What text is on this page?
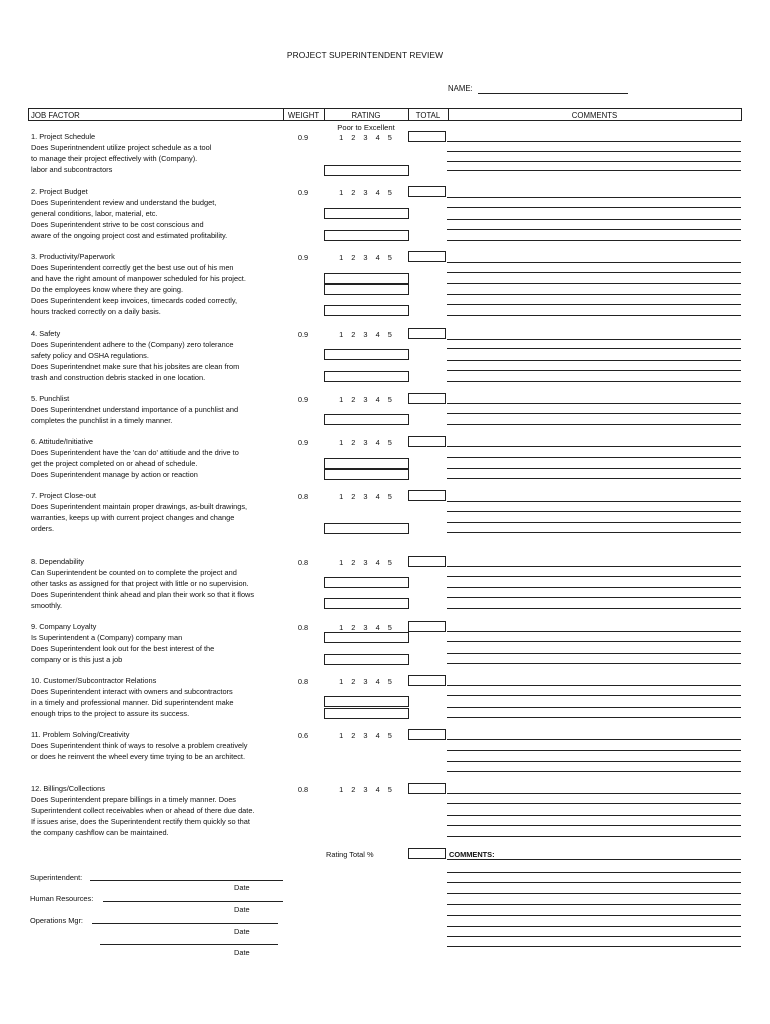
PROJECT SUPERINTENDENT REVIEW
NAME:
JOB FACTOR	WEIGHT	RATING	TOTAL	COMMENTS
Poor to Excellent
1. Project Schedule
Does Superintnendent utilize project schedule as a tool
to manage their project effectively with (Company).
labor and subcontractors
0.9	1 2 3 4 5
2. Project Budget
Does Superintendent review and understand the budget,
general conditions, labor, material, etc.
Does Superintendent strive to be cost conscious and
aware of the ongoing project cost and estimated profitability.
0.9	1 2 3 4 5
3. Productivity/Paperwork
Does Superintendent correctly get the best use out of his men
and have the right amount of manpower scheduled for his project.
Do the employees know where they are going.
Does Superintendent keep invoices, timecards coded correctly,
hours tracked correctly on a daily basis.
0.9	1 2 3 4 5
4. Safety
Does Superintendent adhere to the (Company) zero tolerance
safety policy and OSHA regulations.
Does Superintendnet make sure that his jobsites are clean from
trash and construction debris stacked in one location.
0.9	1 2 3 4 5
5. Punchlist
Does Superintendnet understand importance of a punchlist and
completes the punchlist in a timely manner.
0.9	1 2 3 4 5
6. Attitude/Initiative
Does Superintendent have the 'can do' attitiude and the drive to
get the project completed on or ahead of schedule.
Does Superintendent manage by action or reaction
0.9	1 2 3 4 5
7. Project Close-out
Does Superintendent maintain proper drawings, as-built drawings,
warranties, keeps up with current project changes and change
orders.
0.8	1 2 3 4 5
8. Dependability
Can Superintendent be counted on to complete the project and
other tasks as assigned for that project with little or no supervision.
Does Superintendent think ahead and plan their work so that it flows
smoothly.
0.8	1 2 3 4 5
9. Company Loyalty
Is Superintendent a (Company) company man
Does Superintendent look out for the best interest of the
company or is this just a job
0.8	1 2 3 4 5
10. Customer/Subcontractor Relations
Does Superintendent interact with owners and subcontractors
in a timely and professional manner. Did superintendent make
enough trips to the project to assure its success.
0.8	1 2 3 4 5
11. Problem Solving/Creativity
Does Superintendent think of ways to resolve a problem creatively
or does he reinvent the wheel every time trying to be an architect.
0.6	1 2 3 4 5
12. Billings/Collections
Does Superintendent prepare billings in a timely manner. Does
Superintendent collect receivables when or ahead of there due date.
If issues arise, does the Superintendent rectify them quickly so that
the company cashflow can be maintained.
0.8	1 2 3 4 5
Rating Total %	COMMENTS:
Superintendent:
Date
Human Resources:
Date
Operations Mgr:
Date
Date
